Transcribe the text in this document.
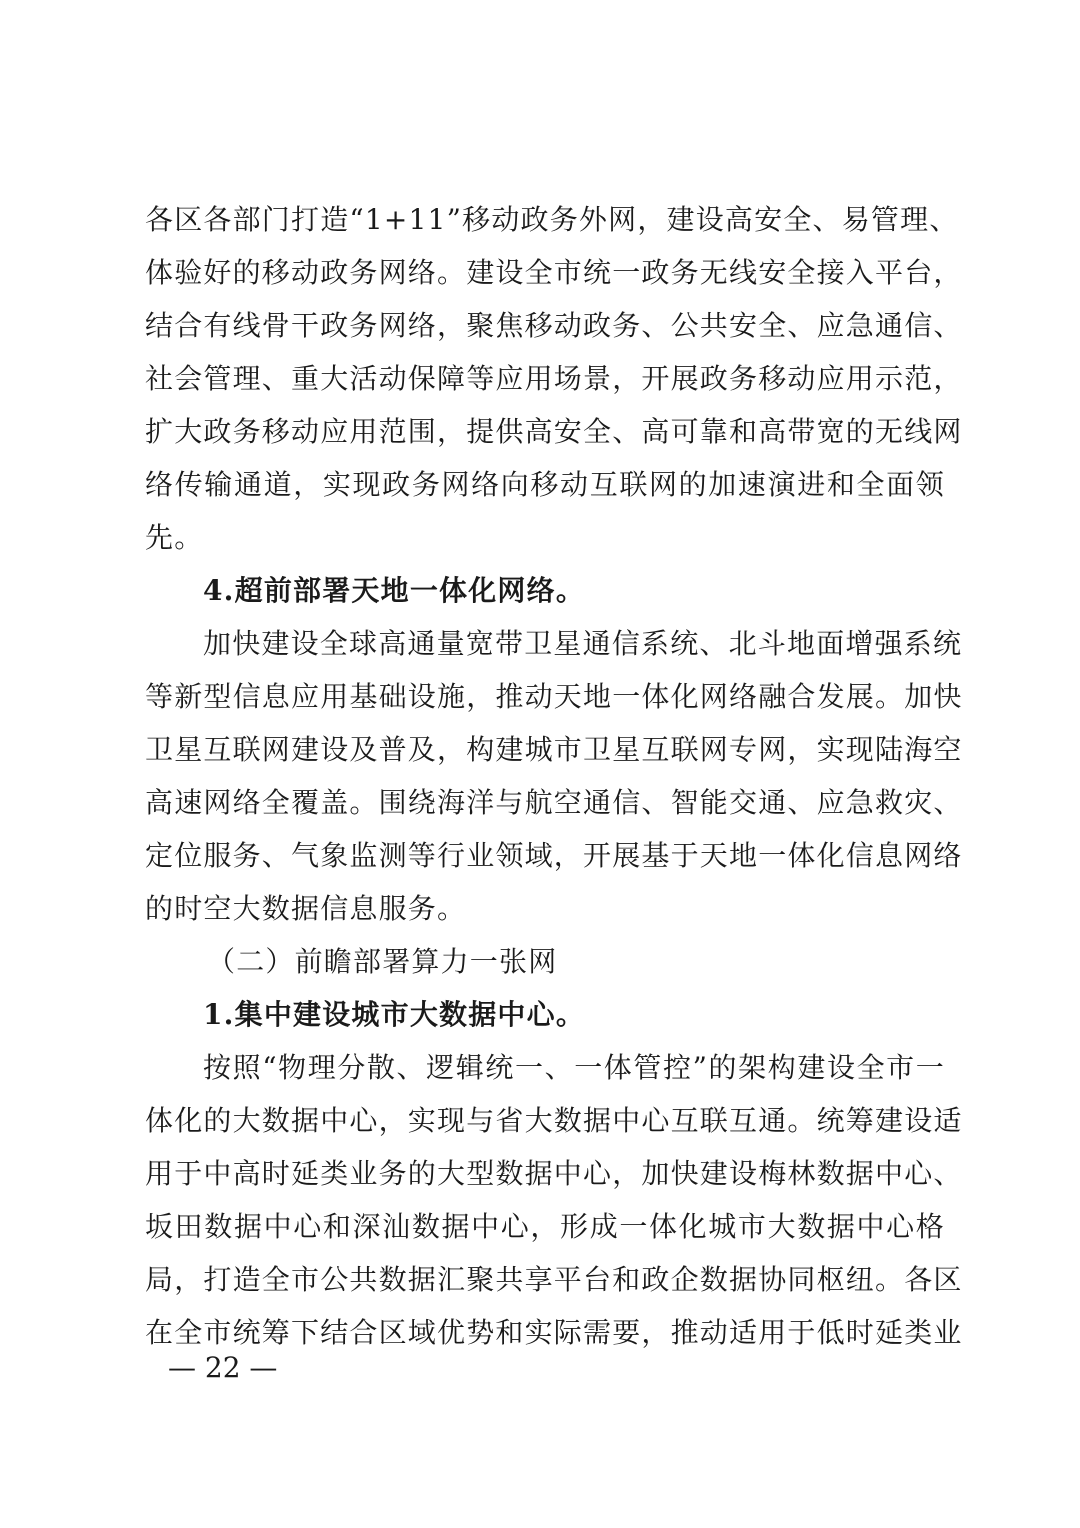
各区各部门打造“1+11”移动政务外网，建设高安全、易管理、
体验好的移动政务网络。建设全市统一政务无线安全接入平台，
结合有线骨干政务网络，聚焦移动政务、公共安全、应急通信、
社会管理、重大活动保障等应用场景，开展政务移动应用示范，
扩大政务移动应用范围，提供高安全、高可靠和高带宽的无线网
络传输通道，实现政务网络向移动互联网的加速演进和全面领
先。
4.超前部署天地一体化网络。
加快建设全球高通量宽带卫星通信系统、北斗地面增强系统
等新型信息应用基础设施，推动天地一体化网络融合发展。加快
卫星互联网建设及普及，构建城市卫星互联网专网，实现陆海空
高速网络全覆盖。围绕海洋与航空通信、智能交通、应急救灾、
定位服务、气象监测等行业领域，开展基于天地一体化信息网络
的时空大数据信息服务。
（二）前瞻部署算力一张网
1.集中建设城市大数据中心。
按照“物理分散、逻辑统一、一体管控”的架构建设全市一
体化的大数据中心，实现与省大数据中心互联互通。统筹建设适
用于中高时延类业务的大型数据中心，加快建设梅林数据中心、
坂田数据中心和深汕数据中心，形成一体化城市大数据中心格
局，打造全市公共数据汇聚共享平台和政企数据协同枢纽。各区
在全市统筹下结合区域优势和实际需要，推动适用于低时延类业
— 22 —
